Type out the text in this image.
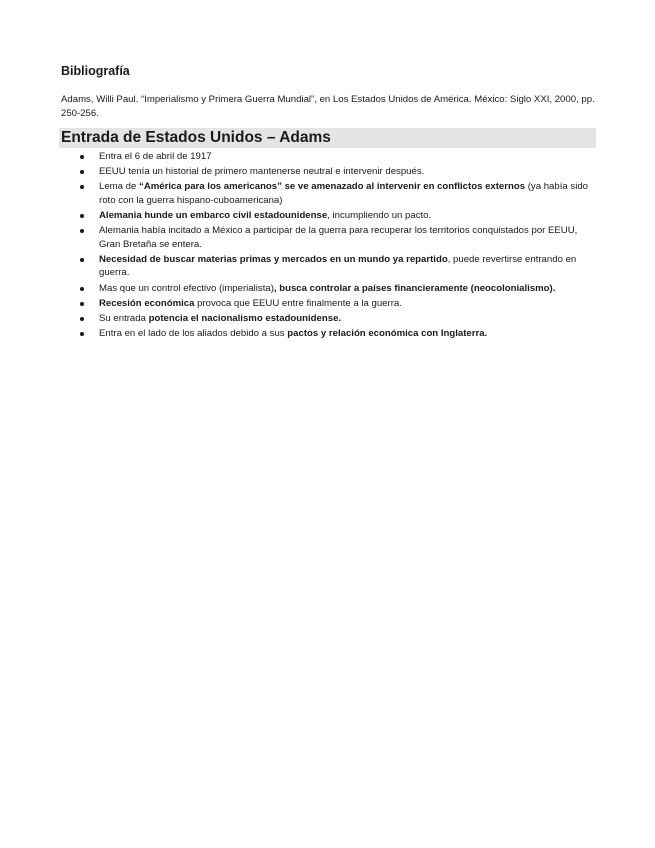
Bibliografía

Adams, Willi Paul. “Imperialismo y Primera Guerra Mundial”, en Los Estados Unidos de América. México: Siglo XXI, 2000, pp. 250-256.

Entrada de Estados Unidos – Adams
Entra el 6 de abril de 1917
EEUU tenía un historial de primero mantenerse neutral e intervenir después.
Lema de “América para los americanos” se ve amenazado al intervenir en conflictos externos (ya había sido roto con la guerra hispano-cuboamericana)
Alemania hunde un embarco civil estadounidense, incumpliendo un pacto.
Alemania había incitado a México a participar de la guerra para recuperar los territorios conquistados por EEUU, Gran Bretaña se entera.
Necesidad de buscar materias primas y mercados en un mundo ya repartido, puede revertirse entrando en guerra.
Mas que un control efectivo (imperialista), busca controlar a países financieramente (neocolonialismo).
Recesión económica provoca que EEUU entre finalmente a la guerra.
Su entrada potencia el nacionalismo estadounidense.
Entra en el lado de los aliados debido a sus pactos y relación económica con Inglaterra.
